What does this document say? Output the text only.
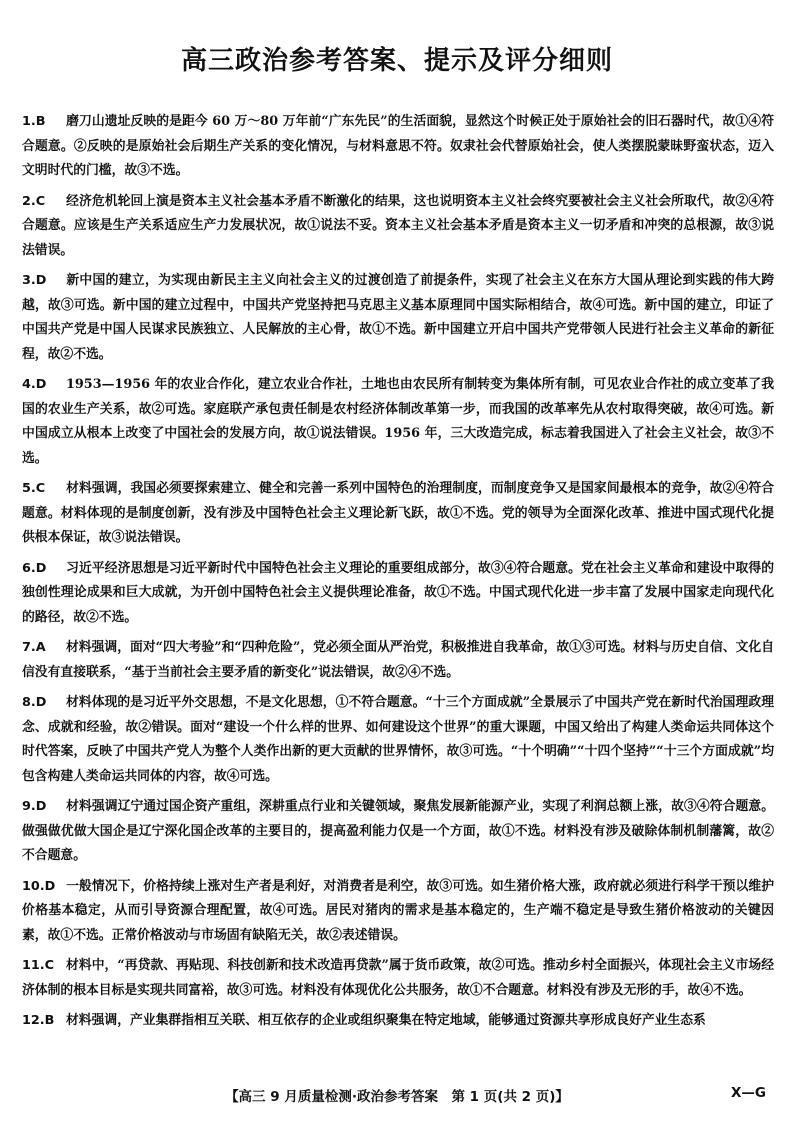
高三政治参考答案、提示及评分细则
1.B 磨刀山遗址反映的是距今 60 万～80 万年前“广东先民”的生活面貌，显然这个时候正处于原始社会的旧石器时代，故①④符合题意。②反映的是原始社会后期生产关系的变化情况，与材料意思不符。奴隶社会代替原始社会，使人类摆脱蒙昧野蛮状态，迈入文明时代的门槛，故③不选。
2.C 经济危机轮回上演是资本主义社会基本矛盾不断激化的结果，这也说明资本主义社会终究要被社会主义社会所取代，故②④符合题意。应该是生产关系适应生产力发展状况，故①说法不妥。资本主义社会基本矛盾是资本主义一切矛盾和冲突的总根源，故③说法错误。
3.D 新中国的建立，为实现由新民主主义向社会主义的过渡创造了前提条件，实现了社会主义在东方大国从理论到实践的伟大跨越，故③可选。新中国的建立过程中，中国共产党坚持把马克思主义基本原理同中国实际相结合，故④可选。新中国的建立，印证了中国共产党是中国人民谋求民族独立、人民解放的主心骨，故①不选。新中国建立开启中国共产党带领人民进行社会主义革命的新征程，故②不选。
4.D 1953—1956 年的农业合作化，建立农业合作社，土地也由农民所有制转变为集体所有制，可见农业合作社的成立变革了我国的农业生产关系，故②可选。家庭联产承包责任制是农村经济体制改革第一步，而我国的改革率先从农村取得突破，故④可选。新中国成立从根本上改变了中国社会的发展方向，故①说法错误。1956 年，三大改造完成，标志着我国进入了社会主义社会，故③不选。
5.C 材料强调，我国必须要探索建立、健全和完善一系列中国特色的治理制度，而制度竞争又是国家间最根本的竞争，故②④符合题意。材料体现的是制度创新，没有涉及中国特色社会主义理论新飞跃，故①不选。党的领导为全面深化改革、推进中国式现代化提供根本保证，故③说法错误。
6.D 习近平经济思想是习近平新时代中国特色社会主义理论的重要组成部分，故③④符合题意。党在社会主义革命和建设中取得的独创性理论成果和巨大成就，为开创中国特色社会主义提供理论准备，故①不选。中国式现代化进一步丰富了发展中国家走向现代化的路径，故②不选。
7.A 材料强调，面对“四大考验”和“四种危险”，党必须全面从严治党，积极推进自我革命，故①③可选。材料与历史自信、文化自信没有直接联系，“基于当前社会主要矛盾的新变化”说法错误，故②④不选。
8.D 材料体现的是习近平外交思想，不是文化思想，①不符合题意。“十三个方面成就”全景展示了中国共产党在新时代治国理政理念、成就和经验，故②错误。面对“建设一个什么样的世界、如何建设这个世界”的重大课题，中国又给出了构建人类命运共同体这个时代答案，反映了中国共产党人为整个人类作出新的更大贡献的世界情怀，故③可选。“十个明确”“十四个坚持”“十三个方面成就”均包含构建人类命运共同体的内容，故④可选。
9.D 材料强调辽宁通过国企资产重组，深耕重点行业和关键领域，聚焦发展新能源产业，实现了利润总额上涨，故③④符合题意。做强做优做大国企是辽宁深化国企改革的主要目的，提高盈利能力仅是一个方面，故①不选。材料没有涉及破除体制机制藩篱，故②不合题意。
10.D 一般情况下，价格持续上涨对生产者是利好，对消费者是利空，故③可选。如生猪价格大涨，政府就必须进行科学干预以维护价格基本稳定，从而引导资源合理配置，故④可选。居民对猪肉的需求是基本稳定的，生产端不稳定是导致生猪价格波动的关键因素，故①不选。正常价格波动与市场固有缺陷无关，故②表述错误。
11.C 材料中，“再贷款、再贴现、科技创新和技术改造再贷款”属于货币政策，故②可选。推动乡村全面振兴，体现社会主义市场经济体制的根本目标是实现共同富裕，故③可选。材料没有体现优化公共服务，故①不合题意。材料没有涉及无形的手，故④不选。
12.B 材料强调，产业集群指相互关联、相互依存的企业或组织聚集在特定地域，能够通过资源共享形成良好产业生态系
【高三 9 月质量检测·政治参考答案　第 1 页(共 2 页)】	X—G
